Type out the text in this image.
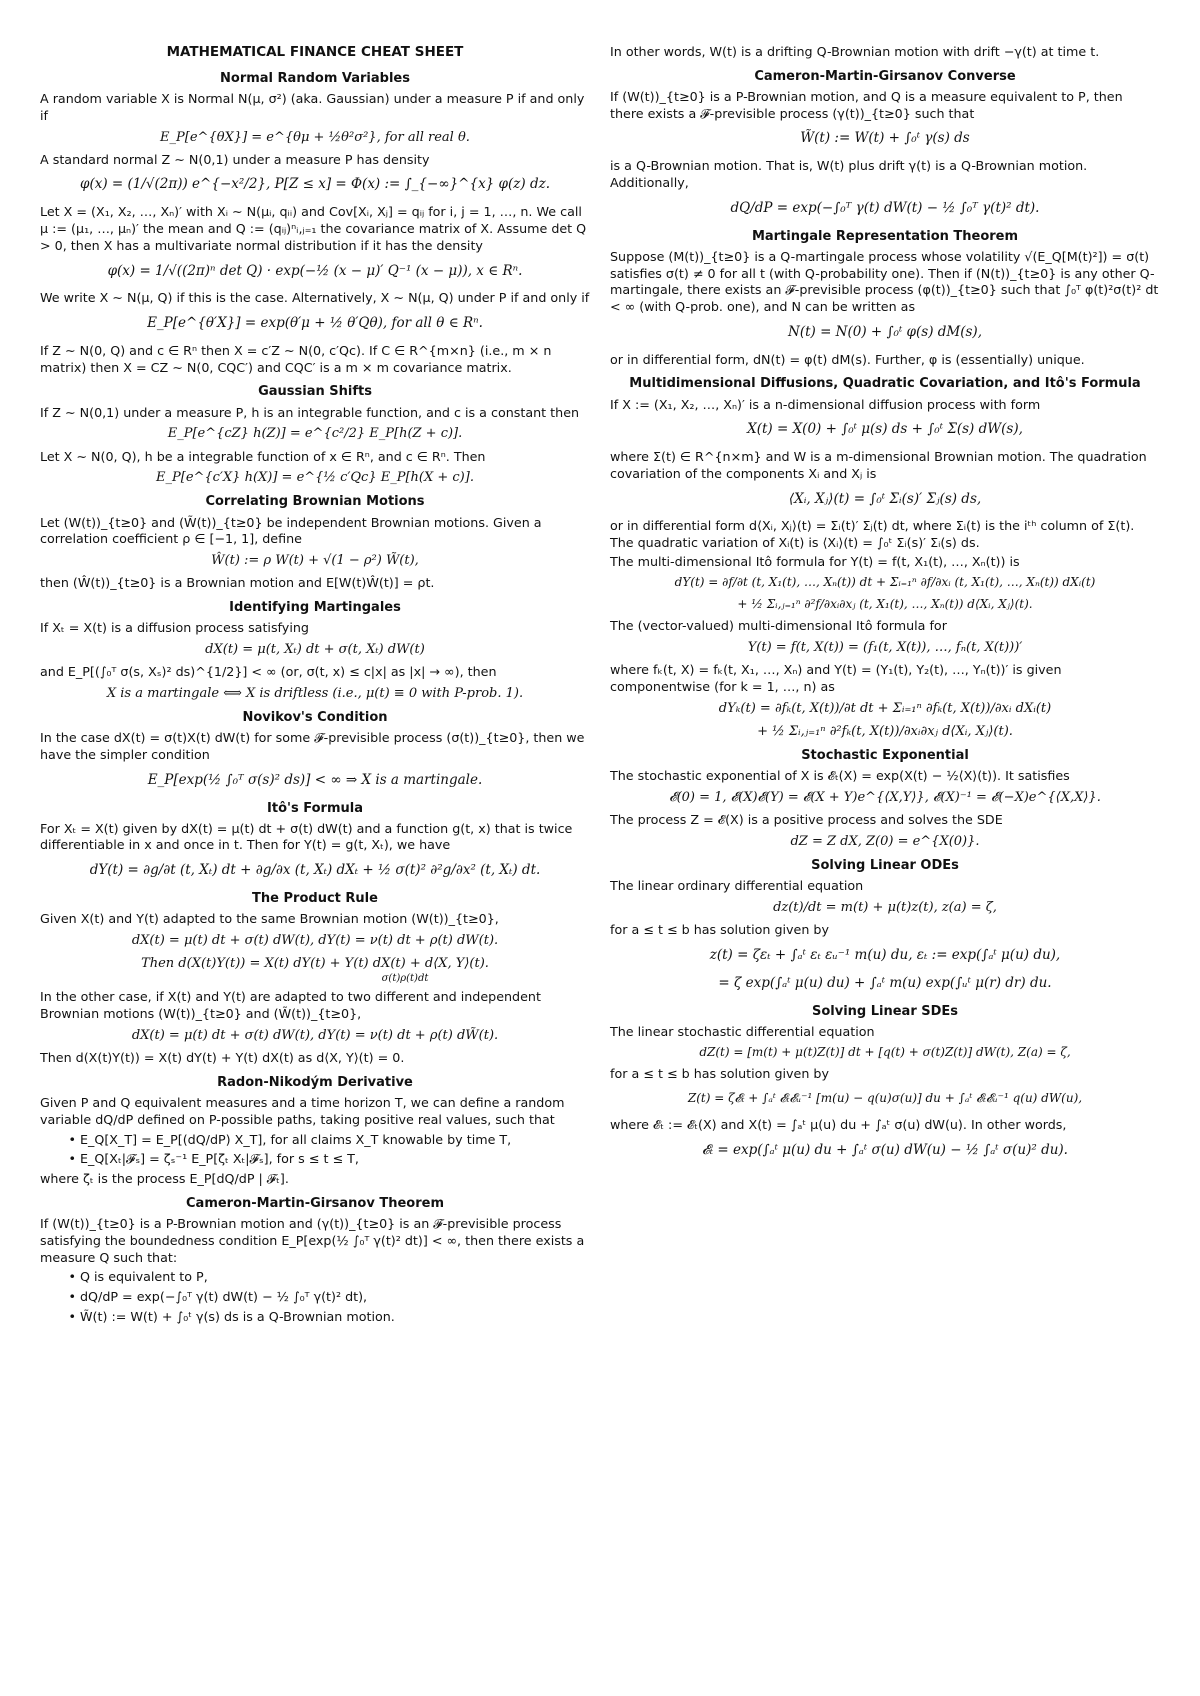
MATHEMATICAL FINANCE CHEAT SHEET
Normal Random Variables

A random variable X is Normal N(μ, σ²) (aka. Gaussian) under a measure P if and only if

E_P[e^{θX}] = e^{θμ + ½θ²σ²}, for all real θ.

A standard normal Z ∼ N(0,1) under a measure P has density

φ(x) = (1/√(2π)) e^{−x²/2}, P[Z ≤ x] = Φ(x) := ∫_{−∞}^{x} φ(z) dz.

Let X = (X₁, X₂, …, Xₙ)′ with Xᵢ ∼ N(μᵢ, qᵢᵢ) and Cov[Xᵢ, Xⱼ] = qᵢⱼ for i, j = 1, …, n. We call μ := (μ₁, …, μₙ)′ the mean and Q := (qᵢⱼ)ⁿᵢ,ⱼ₌₁ the covariance matrix of X. Assume det Q > 0, then X has a multivariate normal distribution if it has the density

φ(x) = 1/√((2π)ⁿ det Q) · exp(−½ (x − μ)′ Q⁻¹ (x − μ)), x ∈ Rⁿ.

We write X ∼ N(μ, Q) if this is the case. Alternatively, X ∼ N(μ, Q) under P if and only if

E_P[e^{θ′X}] = exp(θ′μ + ½ θ′Qθ), for all θ ∈ Rⁿ.

If Z ∼ N(0, Q) and c ∈ Rⁿ then X = c′Z ∼ N(0, c′Qc). If C ∈ R^{m×n} (i.e., m × n matrix) then X = CZ ∼ N(0, CQC′) and CQC′ is a m × m covariance matrix.

Gaussian Shifts

If Z ∼ N(0,1) under a measure P, h is an integrable function, and c is a constant then

E_P[e^{cZ} h(Z)] = e^{c²/2} E_P[h(Z + c)].

Let X ∼ N(0, Q), h be a integrable function of x ∈ Rⁿ, and c ∈ Rⁿ. Then

E_P[e^{c′X} h(X)] = e^{½ c′Qc} E_P[h(X + c)].
Correlating Brownian Motions

Let (W(t))_{t≥0} and (W̃(t))_{t≥0} be independent Brownian motions. Given a correlation coefficient ρ ∈ [−1, 1], define

Ŵ(t) := ρ W(t) + √(1 − ρ²) W̃(t),

then (Ŵ(t))_{t≥0} is a Brownian motion and E[W(t)Ŵ(t)] = ρt.

Identifying Martingales

If Xₜ = X(t) is a diffusion process satisfying

dX(t) = μ(t, Xₜ) dt + σ(t, Xₜ) dW(t)

and E_P[(∫₀ᵀ σ(s, Xₛ)² ds)^{1/2}] < ∞ (or, σ(t, x) ≤ c|x| as |x| → ∞), then

X is a martingale ⟺ X is driftless (i.e., μ(t) ≡ 0 with P-prob. 1).
Novikov's Condition

In the case dX(t) = σ(t)X(t) dW(t) for some 𝓕-previsible process (σ(t))_{t≥0}, then we have the simpler condition

E_P[exp(½ ∫₀ᵀ σ(s)² ds)] < ∞ ⇒ X is a martingale.
Itô's Formula

For Xₜ = X(t) given by dX(t) = μ(t) dt + σ(t) dW(t) and a function g(t, x) that is twice differentiable in x and once in t. Then for Y(t) = g(t, Xₜ), we have

dY(t) = ∂g/∂t (t, Xₜ) dt + ∂g/∂x (t, Xₜ) dXₜ + ½ σ(t)² ∂²g/∂x² (t, Xₜ) dt.
The Product Rule

Given X(t) and Y(t) adapted to the same Brownian motion (W(t))_{t≥0},

dX(t) = μ(t) dt + σ(t) dW(t), dY(t) = ν(t) dt + ρ(t) dW(t).
Then d(X(t)Y(t)) = X(t) dY(t) + Y(t) dX(t) + d⟨X, Y⟩(t).
σ(t)ρ(t)dt

In the other case, if X(t) and Y(t) are adapted to two different and independent Brownian motions (W(t))_{t≥0} and (W̃(t))_{t≥0},

dX(t) = μ(t) dt + σ(t) dW(t), dY(t) = ν(t) dt + ρ(t) dW̃(t).

Then d(X(t)Y(t)) = X(t) dY(t) + Y(t) dX(t) as d⟨X, Y⟩(t) = 0.

Radon-Nikodým Derivative

Given P and Q equivalent measures and a time horizon T, we can define a random variable dQ/dP defined on P-possible paths, taking positive real values, such that

• E_Q[X_T] = E_P[(dQ/dP) X_T], for all claims X_T knowable by time T,
• E_Q[Xₜ|𝓕ₛ] = ζₛ⁻¹ E_P[ζₜ Xₜ|𝓕ₛ], for s ≤ t ≤ T,

where ζₜ is the process E_P[dQ/dP | 𝓕ₜ].

Cameron-Martin-Girsanov Theorem

If (W(t))_{t≥0} is a P-Brownian motion and (γ(t))_{t≥0} is an 𝓕-previsible process satisfying the boundedness condition E_P[exp(½ ∫₀ᵀ γ(t)² dt)] < ∞, then there exists a measure Q such that:

• Q is equivalent to P,
• dQ/dP = exp(−∫₀ᵀ γ(t) dW(t) − ½ ∫₀ᵀ γ(t)² dt),
• W̃(t) := W(t) + ∫₀ᵗ γ(s) ds is a Q-Brownian motion.

In other words, W(t) is a drifting Q-Brownian motion with drift −γ(t) at time t.

Cameron-Martin-Girsanov Converse

If (W(t))_{t≥0} is a P-Brownian motion, and Q is a measure equivalent to P, then there exists a 𝓕-previsible process (γ(t))_{t≥0} such that

W̃(t) := W(t) + ∫₀ᵗ γ(s) ds

is a Q-Brownian motion. That is, W(t) plus drift γ(t) is a Q-Brownian motion. Additionally,

dQ/dP = exp(−∫₀ᵀ γ(t) dW(t) − ½ ∫₀ᵀ γ(t)² dt).
Martingale Representation Theorem

Suppose (M(t))_{t≥0} is a Q-martingale process whose volatility √(E_Q[M(t)²]) = σ(t) satisfies σ(t) ≠ 0 for all t (with Q-probability one). Then if (N(t))_{t≥0} is any other Q-martingale, there exists an 𝓕-previsible process (φ(t))_{t≥0} such that ∫₀ᵀ φ(t)²σ(t)² dt < ∞ (with Q-prob. one), and N can be written as

N(t) = N(0) + ∫₀ᵗ φ(s) dM(s),

or in differential form, dN(t) = φ(t) dM(s). Further, φ is (essentially) unique.

Multidimensional Diffusions, Quadratic Covariation, and Itô's Formula

If X := (X₁, X₂, …, Xₙ)′ is a n-dimensional diffusion process with form

X(t) = X(0) + ∫₀ᵗ μ(s) ds + ∫₀ᵗ Σ(s) dW(s),

where Σ(t) ∈ R^{n×m} and W is a m-dimensional Brownian motion. The quadration covariation of the components Xᵢ and Xⱼ is

⟨Xᵢ, Xⱼ⟩(t) = ∫₀ᵗ Σᵢ(s)′ Σⱼ(s) ds,

or in differential form d⟨Xᵢ, Xⱼ⟩(t) = Σᵢ(t)′ Σⱼ(t) dt, where Σᵢ(t) is the iᵗʰ column of Σ(t). The quadratic variation of Xᵢ(t) is ⟨Xᵢ⟩(t) = ∫₀ᵗ Σᵢ(s)′ Σᵢ(s) ds.

The multi-dimensional Itô formula for Y(t) = f(t, X₁(t), …, Xₙ(t)) is

dY(t) = ∂f/∂t (t, X₁(t), …, Xₙ(t)) dt + Σᵢ₌₁ⁿ ∂f/∂xᵢ (t, X₁(t), …, Xₙ(t)) dXᵢ(t)
+ ½ Σᵢ,ⱼ₌₁ⁿ ∂²f/∂xᵢ∂xⱼ (t, X₁(t), …, Xₙ(t)) d⟨Xᵢ, Xⱼ⟩(t).

The (vector-valued) multi-dimensional Itô formula for

Y(t) = f(t, X(t)) = (f₁(t, X(t)), …, fₙ(t, X(t)))′

where fₖ(t, X) = fₖ(t, X₁, …, Xₙ) and Y(t) = (Y₁(t), Y₂(t), …, Yₙ(t))′ is given componentwise (for k = 1, …, n) as

dYₖ(t) = ∂fₖ(t, X(t))/∂t dt + Σᵢ₌₁ⁿ ∂fₖ(t, X(t))/∂xᵢ dXᵢ(t)
+ ½ Σᵢ,ⱼ₌₁ⁿ ∂²fₖ(t, X(t))/∂xᵢ∂xⱼ d⟨Xᵢ, Xⱼ⟩(t).
Stochastic Exponential

The stochastic exponential of X is 𝓔ₜ(X) = exp(X(t) − ½⟨X⟩(t)). It satisfies

𝓔(0) = 1, 𝓔(X)𝓔(Y) = 𝓔(X + Y)e^{⟨X,Y⟩}, 𝓔(X)⁻¹ = 𝓔(−X)e^{⟨X,X⟩}.

The process Z = 𝓔(X) is a positive process and solves the SDE

dZ = Z dX, Z(0) = e^{X(0)}.
Solving Linear ODEs

The linear ordinary differential equation

dz(t)/dt = m(t) + μ(t)z(t), z(a) = ζ,

for a ≤ t ≤ b has solution given by

z(t) = ζεₜ + ∫ₐᵗ εₜ εᵤ⁻¹ m(u) du, εₜ := exp(∫ₐᵗ μ(u) du),
= ζ exp(∫ₐᵗ μ(u) du) + ∫ₐᵗ m(u) exp(∫ᵤᵗ μ(r) dr) du.
Solving Linear SDEs

The linear stochastic differential equation

dZ(t) = [m(t) + μ(t)Z(t)] dt + [q(t) + σ(t)Z(t)] dW(t), Z(a) = ζ,

for a ≤ t ≤ b has solution given by

Z(t) = ζ𝓔ₜ + ∫ₐᵗ 𝓔ₜ𝓔ᵤ⁻¹ [m(u) − q(u)σ(u)] du + ∫ₐᵗ 𝓔ₜ𝓔ᵤ⁻¹ q(u) dW(u),

where 𝓔ₜ := 𝓔ₜ(X) and X(t) = ∫ₐᵗ μ(u) du + ∫ₐᵗ σ(u) dW(u). In other words,

𝓔ₜ = exp(∫ₐᵗ μ(u) du + ∫ₐᵗ σ(u) dW(u) − ½ ∫ₐᵗ σ(u)² du).
